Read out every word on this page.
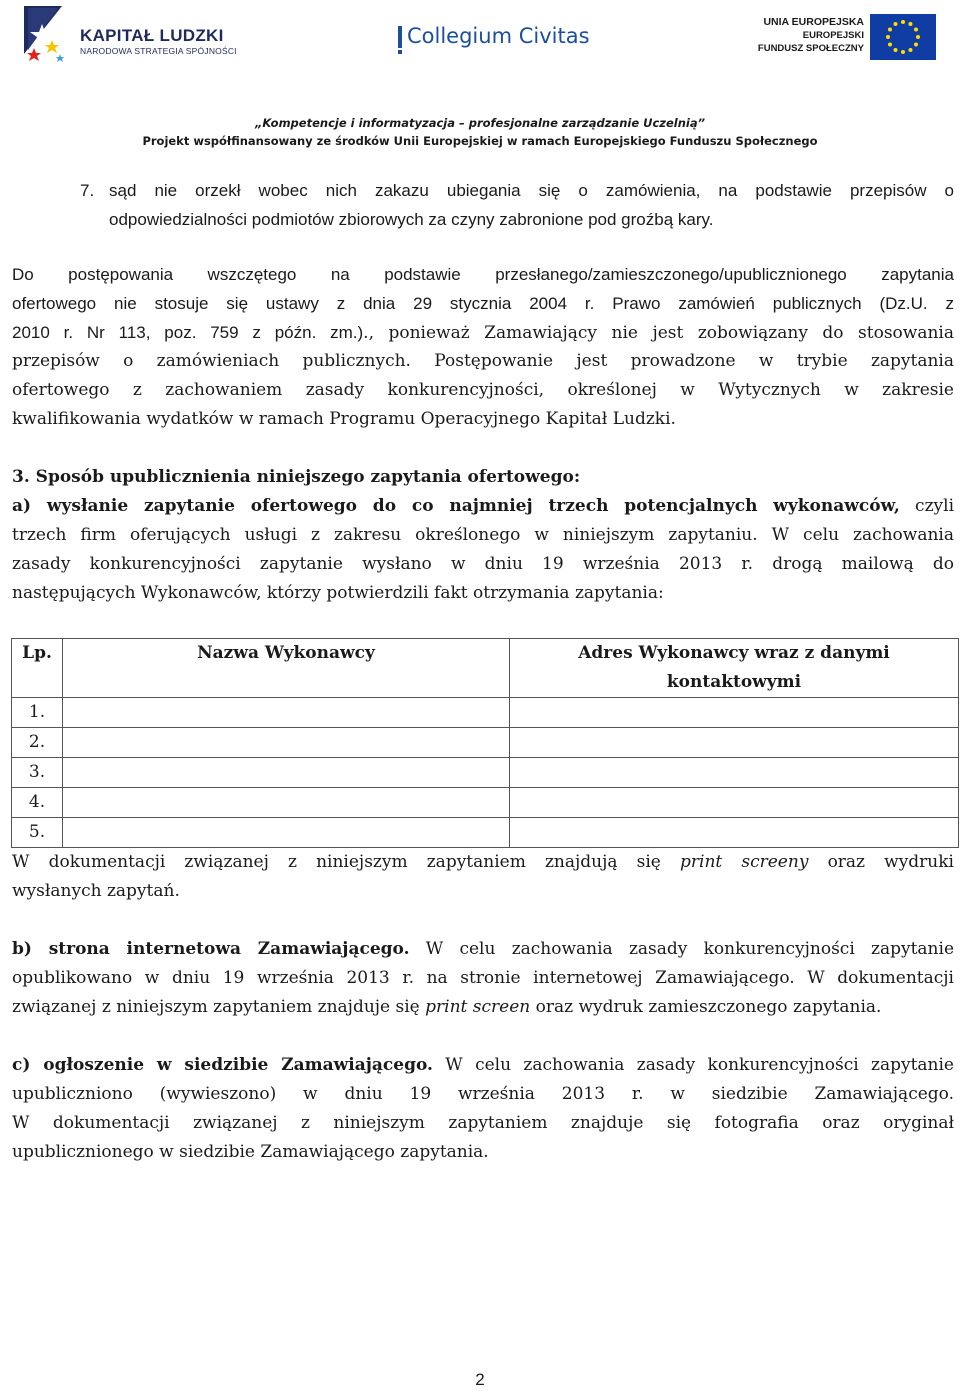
KAPITAŁ LUDZKI
NARODOWA STRATEGIA SPÓJNOŚCI
Collegium Civitas
UNIA EUROPEJSKA
EUROPEJSKI
FUNDUSZ SPOŁECZNY
„Kompetencje i informatyzacja – profesjonalne zarządzanie Uczelnią”
Projekt współfinansowany ze środków Unii Europejskiej w ramach Europejskiego Funduszu Społecznego
7. sąd nie orzekł wobec nich zakazu ubiegania się o zamówienia, na podstawie przepisów o
odpowiedzialności podmiotów zbiorowych za czyny zabronione pod groźbą kary.
Do postępowania wszczętego na podstawie przesłanego/zamieszczonego/upublicznionego zapytania
ofertowego nie stosuje się ustawy z dnia 29 stycznia 2004 r. Prawo zamówień publicznych (Dz.U. z
2010 r. Nr 113, poz. 759 z późn. zm.)., ponieważ Zamawiający nie jest zobowiązany do stosowania
przepisów o zamówieniach publicznych. Postępowanie jest prowadzone w trybie zapytania
ofertowego z zachowaniem zasady konkurencyjności, określonej w Wytycznych w zakresie
kwalifikowania wydatków w ramach Programu Operacyjnego Kapitał Ludzki.
3. Sposób upublicznienia niniejszego zapytania ofertowego:
a) wysłanie zapytanie ofertowego do co najmniej trzech potencjalnych wykonawców, czyli
trzech firm oferujących usługi z zakresu określonego w niniejszym zapytaniu. W celu zachowania
zasady konkurencyjności zapytanie wysłano w dniu 19 września 2013 r. drogą mailową do
następujących Wykonawców, którzy potwierdzili fakt otrzymania zapytania:
Lp.	Nazwa Wykonawcy	Adres Wykonawcy wraz z danymi kontaktowymi
1.		
2.		
3.		
4.		
5.		
W dokumentacji związanej z niniejszym zapytaniem znajdują się print screeny oraz wydruki
wysłanych zapytań.
b) strona internetowa Zamawiającego. W celu zachowania zasady konkurencyjności zapytanie
opublikowano w dniu 19 września 2013 r. na stronie internetowej Zamawiającego. W dokumentacji
związanej z niniejszym zapytaniem znajduje się print screen oraz wydruk zamieszczonego zapytania.
c) ogłoszenie w siedzibie Zamawiającego. W celu zachowania zasady konkurencyjności zapytanie
upubliczniono (wywieszono) w dniu 19 września 2013 r. w siedzibie Zamawiającego.
W dokumentacji związanej z niniejszym zapytaniem znajduje się fotografia oraz oryginał
upublicznionego w siedzibie Zamawiającego zapytania.
2
